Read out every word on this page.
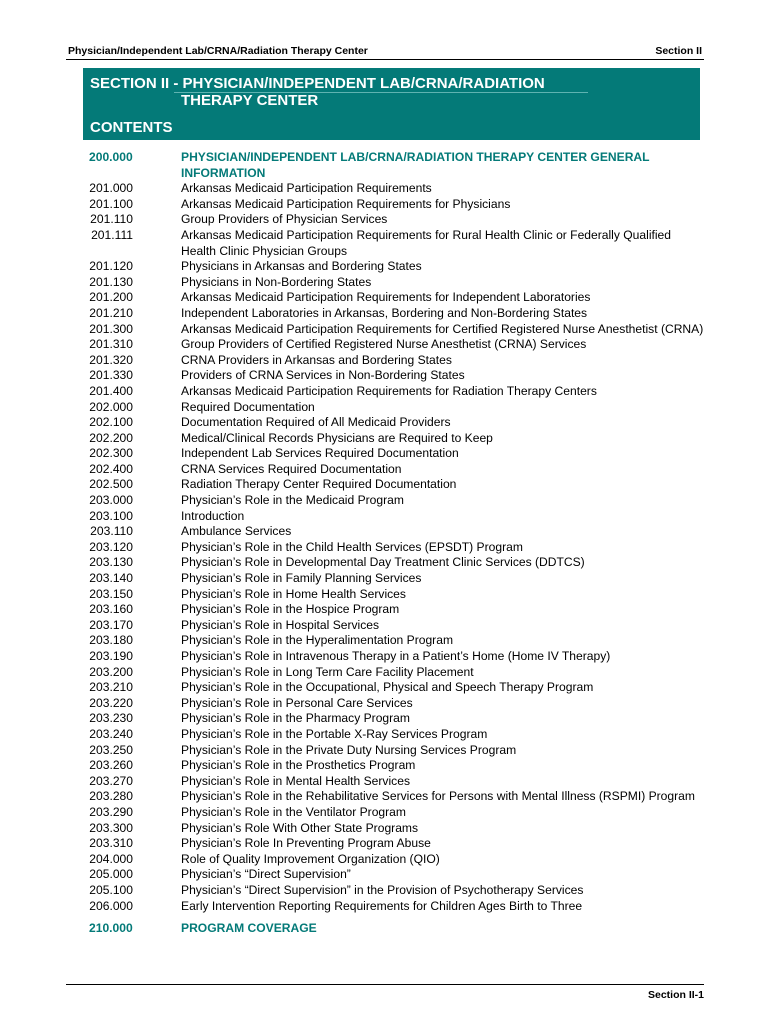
Physician/Independent Lab/CRNA/Radiation Therapy Center	Section II
SECTION II - PHYSICIAN/INDEPENDENT LAB/CRNA/RADIATION
THERAPY CENTER
CONTENTS
200.000	PHYSICIAN/INDEPENDENT LAB/CRNA/RADIATION THERAPY CENTER GENERAL INFORMATION
201.000	Arkansas Medicaid Participation Requirements
201.100	Arkansas Medicaid Participation Requirements for Physicians
201.110	Group Providers of Physician Services
201.111	Arkansas Medicaid Participation Requirements for Rural Health Clinic or Federally Qualified Health Clinic Physician Groups
201.120	Physicians in Arkansas and Bordering States
201.130	Physicians in Non-Bordering States
201.200	Arkansas Medicaid Participation Requirements for Independent Laboratories
201.210	Independent Laboratories in Arkansas, Bordering and Non-Bordering States
201.300	Arkansas Medicaid Participation Requirements for Certified Registered Nurse Anesthetist (CRNA)
201.310	Group Providers of Certified Registered Nurse Anesthetist (CRNA) Services
201.320	CRNA Providers in Arkansas and Bordering States
201.330	Providers of CRNA Services in Non-Bordering States
201.400	Arkansas Medicaid Participation Requirements for Radiation Therapy Centers
202.000	Required Documentation
202.100	Documentation Required of All Medicaid Providers
202.200	Medical/Clinical Records Physicians are Required to Keep
202.300	Independent Lab Services Required Documentation
202.400	CRNA Services Required Documentation
202.500	Radiation Therapy Center Required Documentation
203.000	Physician’s Role in the Medicaid Program
203.100	Introduction
203.110	Ambulance Services
203.120	Physician’s Role in the Child Health Services (EPSDT) Program
203.130	Physician’s Role in Developmental Day Treatment Clinic Services (DDTCS)
203.140	Physician’s Role in Family Planning Services
203.150	Physician’s Role in Home Health Services
203.160	Physician’s Role in the Hospice Program
203.170	Physician’s Role in Hospital Services
203.180	Physician’s Role in the Hyperalimentation Program
203.190	Physician’s Role in Intravenous Therapy in a Patient’s Home (Home IV Therapy)
203.200	Physician’s Role in Long Term Care Facility Placement
203.210	Physician’s Role in the Occupational, Physical and Speech Therapy Program
203.220	Physician’s Role in Personal Care Services
203.230	Physician’s Role in the Pharmacy Program
203.240	Physician’s Role in the Portable X-Ray Services Program
203.250	Physician’s Role in the Private Duty Nursing Services Program
203.260	Physician’s Role in the Prosthetics Program
203.270	Physician’s Role in Mental Health Services
203.280	Physician’s Role in the Rehabilitative Services for Persons with Mental Illness (RSPMI) Program
203.290	Physician’s Role in the Ventilator Program
203.300	Physician’s Role With Other State Programs
203.310	Physician’s Role In Preventing Program Abuse
204.000	Role of Quality Improvement Organization (QIO)
205.000	Physician’s “Direct Supervision”
205.100	Physician’s “Direct Supervision” in the Provision of Psychotherapy Services
206.000	Early Intervention Reporting Requirements for Children Ages Birth to Three
210.000	PROGRAM COVERAGE
Section II-1
